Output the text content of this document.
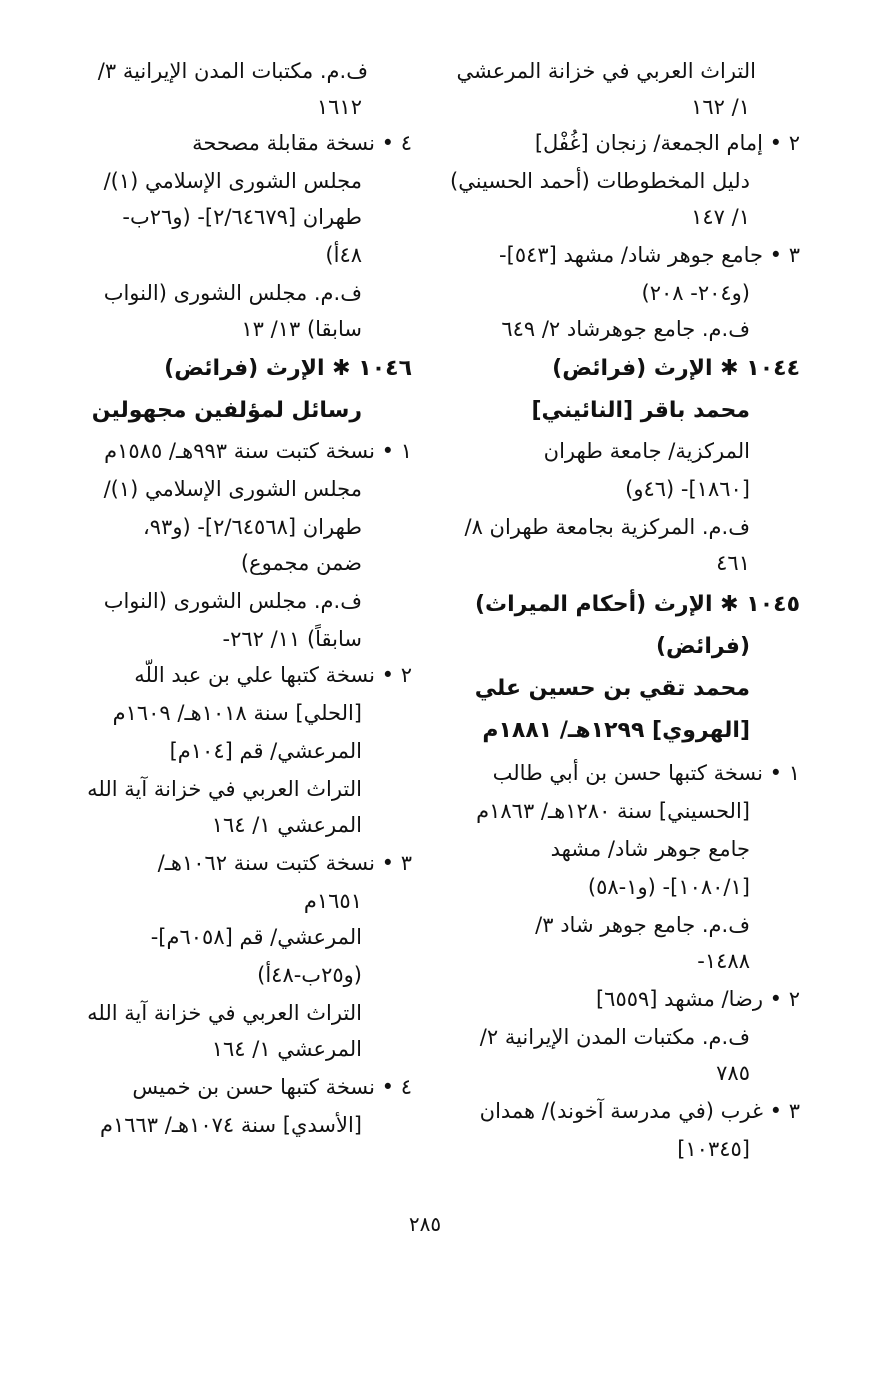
التراث العربي في خزانة المرعشي
١/ ١٦٢
٢ • إمام الجمعة/ زنجان [غُفْل]
دليل المخطوطات (أحمد الحسيني)
١/ ١٤٧
٣ • جامع جوهر شاد/ مشهد [٥٤٣]-
(و٢٠٤- ٢٠٨)
ف.م. جامع جوهرشاد ٢/ ٦٤٩
١٠٤٤ ✱ الإرث (فرائض)
محمد باقر [النائيني]
المركزية/ جامعة طهران
[١٨٦٠]- (٤٦و)
ف.م. المركزية بجامعة طهران ٨/
٤٦١
١٠٤٥ ✱ الإرث (أحكام الميراث)
(فرائض)
محمد تقي بن حسين علي
[الهروي] ١٢٩٩هـ/ ١٨٨١م
١ • نسخة كتبها حسن بن أبي طالب
[الحسيني] سنة ١٢٨٠هـ/ ١٨٦٣م
جامع جوهر شاد/ مشهد
[١٠٨٠/١]- (و١-٥٨)
ف.م. جامع جوهر شاد ٣/
١٤٨٨-
٢ • رضا/ مشهد [٦٥٥٩]
ف.م. مكتبات المدن الإيرانية ٢/
٧٨٥
٣ • غرب (في مدرسة آخوند)/ همدان
[١٠٣٤٥]
ف.م. مكتبات المدن الإيرانية ٣/
١٦١٢
٤ • نسخة مقابلة مصححة
مجلس الشورى الإسلامي (١)/
طهران [٢/٦٤٦٧٩]- (و٢٦ب-
٤٨أ)
ف.م. مجلس الشورى (النواب
سابقا) ١٣/ ١٣
١٠٤٦ ✱ الإرث (فرائض)
رسائل لمؤلفين مجهولين
١ • نسخة كتبت سنة ٩٩٣هـ/ ١٥٨٥م
مجلس الشورى الإسلامي (١)/
طهران [٢/٦٤٥٦٨]- (و٩٣،
ضمن مجموع)
ف.م. مجلس الشورى (النواب
سابقاً) ١١/ ٢٦٢-
٢ • نسخة كتبها علي بن عبد اللّه
[الحلي] سنة ١٠١٨هـ/ ١٦٠٩م
المرعشي/ قم [١٠٤م]
التراث العربي في خزانة آية الله
المرعشي ١/ ١٦٤
٣ • نسخة كتبت سنة ١٠٦٢هـ/
١٦٥١م
المرعشي/ قم [٦٠٥٨م]-
(و٢٥ب-٤٨أ)
التراث العربي في خزانة آية الله
المرعشي ١/ ١٦٤
٤ • نسخة كتبها حسن بن خميس
[الأسدي] سنة ١٠٧٤هـ/ ١٦٦٣م
٢٨٥
